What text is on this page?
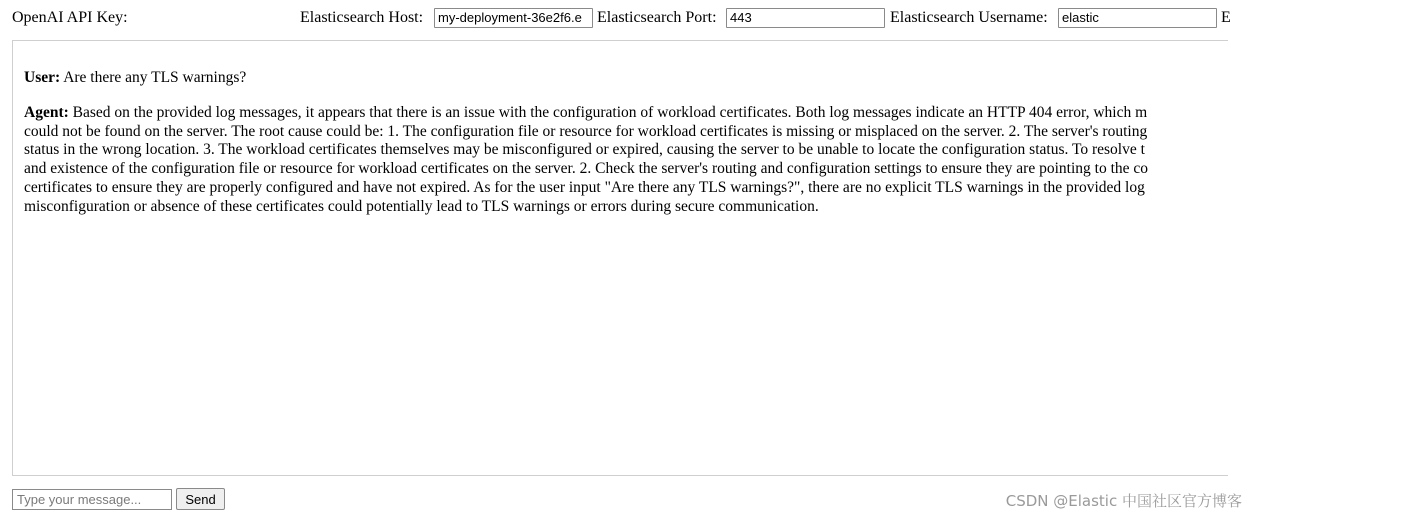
OpenAI API Key:	Elasticsearch Host:	my-deployment-36e2f6.e Elasticsearch Port:	443	Elasticsearch Username:	elastic	E
User: Are there any TLS warnings?
Agent: Based on the provided log messages, it appears that there is an issue with the configuration of workload certificates. Both log messages indicate an HTTP 404 error, which m
could not be found on the server. The root cause could be: 1. The configuration file or resource for workload certificates is missing or misplaced on the server. 2. The server's routing
status in the wrong location. 3. The workload certificates themselves may be misconfigured or expired, causing the server to be unable to locate the configuration status. To resolve t
and existence of the configuration file or resource for workload certificates on the server. 2. Check the server's routing and configuration settings to ensure they are pointing to the co
certificates to ensure they are properly configured and have not expired. As for the user input "Are there any TLS warnings?", there are no explicit TLS warnings in the provided log
misconfiguration or absence of these certificates could potentially lead to TLS warnings or errors during secure communication.
Type your message...
Send	CSDN @Elastic 中国社区官方博客
